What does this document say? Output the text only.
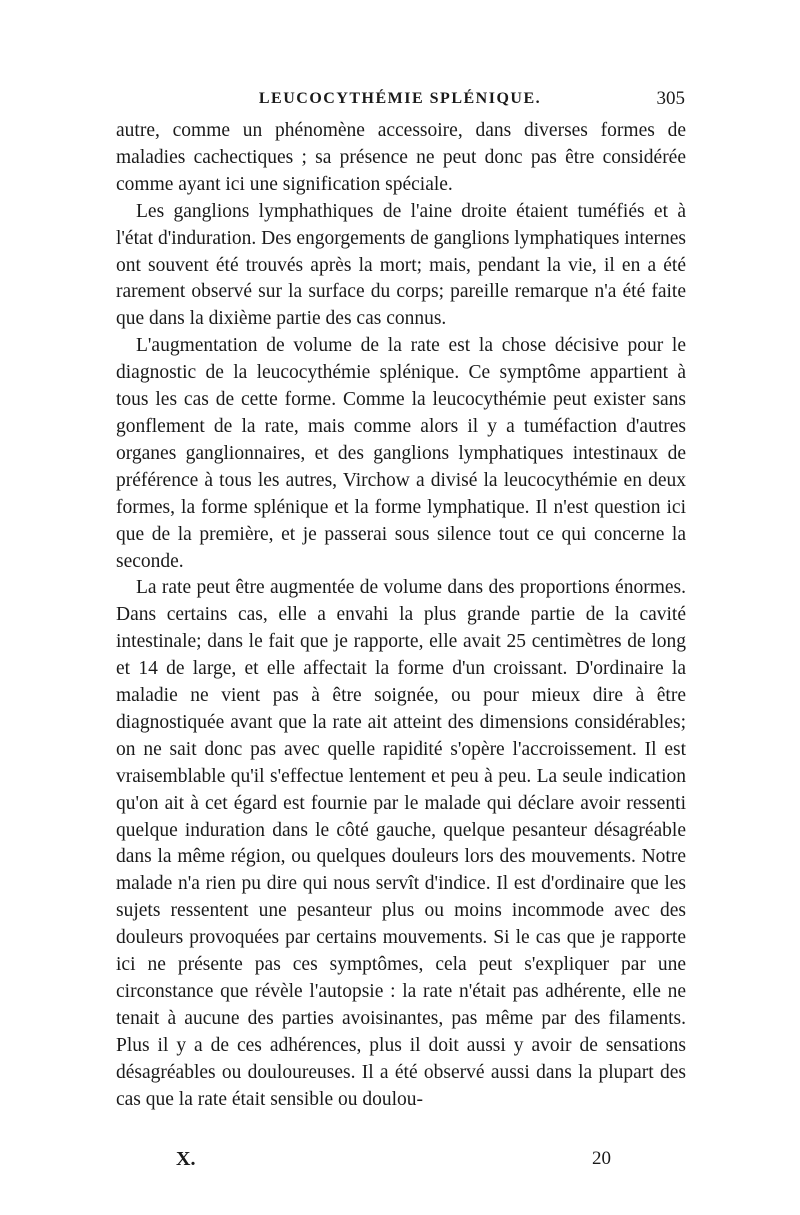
LEUCOCYTHÉMIE SPLÉNIQUE.	305

autre, comme un phénomène accessoire, dans diverses formes de maladies cachectiques ; sa présence ne peut donc pas être considérée comme ayant ici une signification spéciale.

Les ganglions lymphathiques de l'aine droite étaient tuméfiés et à l'état d'induration. Des engorgements de ganglions lymphatiques internes ont souvent été trouvés après la mort; mais, pendant la vie, il en a été rarement observé sur la surface du corps; pareille remarque n'a été faite que dans la dixième partie des cas connus.

L'augmentation de volume de la rate est la chose décisive pour le diagnostic de la leucocythémie splénique. Ce symptôme appartient à tous les cas de cette forme. Comme la leucocythémie peut exister sans gonflement de la rate, mais comme alors il y a tuméfaction d'autres organes ganglionnaires, et des ganglions lymphatiques intestinaux de préférence à tous les autres, Virchow a divisé la leucocythémie en deux formes, la forme splénique et la forme lymphatique. Il n'est question ici que de la première, et je passerai sous silence tout ce qui concerne la seconde.

La rate peut être augmentée de volume dans des proportions énormes. Dans certains cas, elle a envahi la plus grande partie de la cavité intestinale; dans le fait que je rapporte, elle avait 25 centimètres de long et 14 de large, et elle affectait la forme d'un croissant. D'ordinaire la maladie ne vient pas à être soignée, ou pour mieux dire à être diagnostiquée avant que la rate ait atteint des dimensions considérables; on ne sait donc pas avec quelle rapidité s'opère l'accroissement. Il est vraisemblable qu'il s'effectue lentement et peu à peu. La seule indication qu'on ait à cet égard est fournie par le malade qui déclare avoir ressenti quelque induration dans le côté gauche, quelque pesanteur désagréable dans la même région, ou quelques douleurs lors des mouvements. Notre malade n'a rien pu dire qui nous servît d'indice. Il est d'ordinaire que les sujets ressentent une pesanteur plus ou moins incommode avec des douleurs provoquées par certains mouvements. Si le cas que je rapporte ici ne présente pas ces symptômes, cela peut s'expliquer par une circonstance que révèle l'autopsie : la rate n'était pas adhérente, elle ne tenait à aucune des parties avoisinantes, pas même par des filaments. Plus il y a de ces adhérences, plus il doit aussi y avoir de sensations désagréables ou douloureuses. Il a été observé aussi dans la plupart des cas que la rate était sensible ou doulou-

X.	20
